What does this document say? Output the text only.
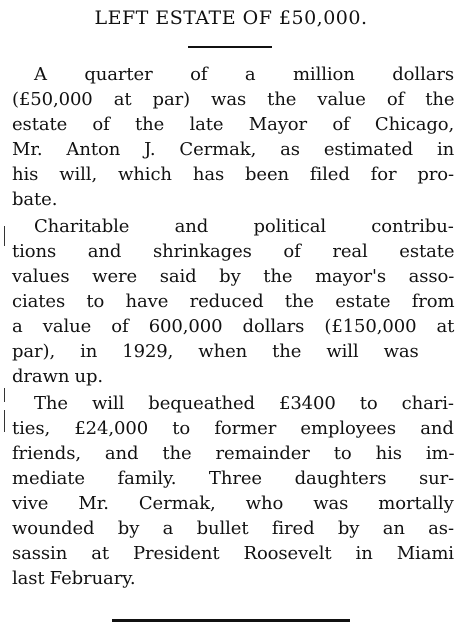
LEFT ESTATE OF £50,000.

A quarter of a million dollars
(£50,000 at par) was the value of the
estate of the late Mayor of Chicago,
Mr. Anton J. Cermak, as estimated in
his will, which has been filed for pro-
bate.

Charitable and political contribu-
tions and shrinkages of real estate
values were said by the mayor's asso-
ciates to have reduced the estate from
a value of 600,000 dollars (£150,000 at
par), in 1929, when the will was
drawn up.

The will bequeathed £3400 to chari-
ties, £24,000 to former employees and
friends, and the remainder to his im-
mediate family. Three daughters sur-
vive Mr. Cermak, who was mortally
wounded by a bullet fired by an as-
sassin at President Roosevelt in Miami
last February.
